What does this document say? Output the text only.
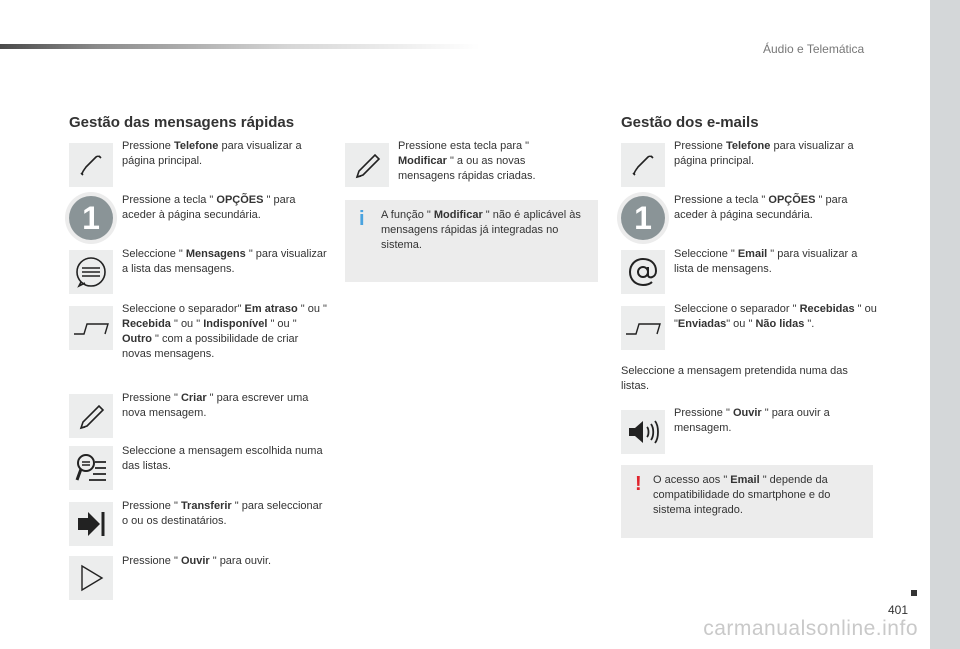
Áudio e Telemática
401
carmanualsonline.info
Gestão das mensagens rápidas
Pressione Telefone para visualizar a página principal.
1	Pressione a tecla " OPÇÕES " para aceder à página secundária.
Seleccione " Mensagens " para visualizar a lista das mensagens.
Seleccione o separador" Em atraso " ou " Recebida " ou " Indisponível " ou " Outro " com a possibilidade de criar novas mensagens.
Pressione " Criar " para escrever uma nova mensagem.
Seleccione a mensagem escolhida numa das listas.
Pressione " Transferir " para seleccionar o ou os destinatários.
Pressione " Ouvir " para ouvir.
Pressione esta tecla para " Modificar " a ou as novas mensagens rápidas criadas.
i A função " Modificar " não é aplicável às mensagens rápidas já integradas no sistema.
Gestão dos e-mails
Pressione Telefone para visualizar a página principal.
1	Pressione a tecla " OPÇÕES " para aceder à página secundária.
Seleccione " Email " para visualizar a lista de mensagens.
Seleccione o separador " Recebidas " ou "Enviadas" ou " Não lidas ".
Seleccione a mensagem pretendida numa das listas.
Pressione " Ouvir " para ouvir a mensagem.
! O acesso aos " Email " depende da compatibilidade do smartphone e do sistema integrado.
